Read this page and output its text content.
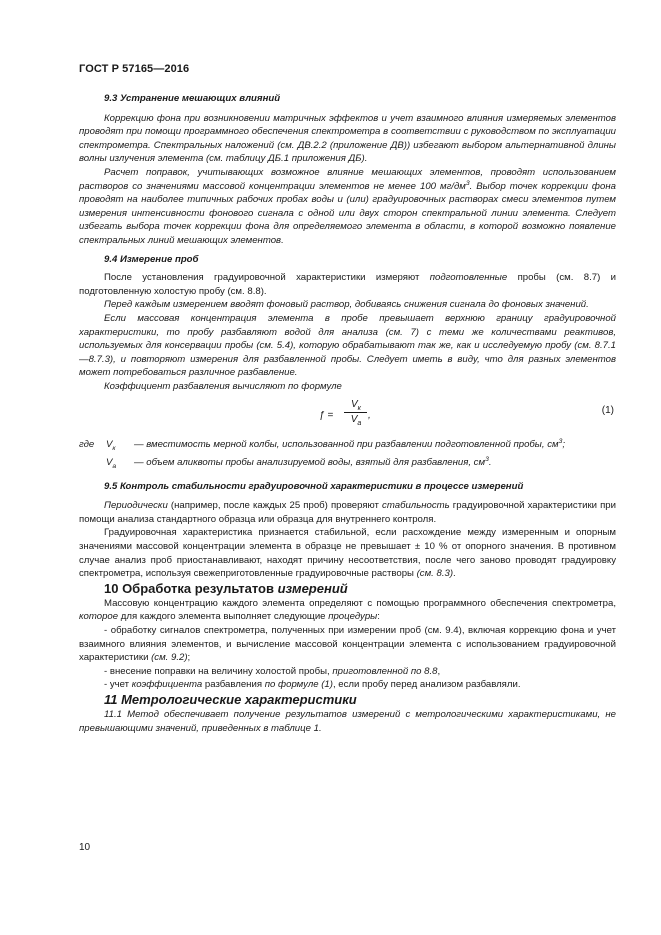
ГОСТ Р 57165—2016

9.3 Устранение мешающих влияний

Коррекцию фона при возникновении матричных эффектов и учет взаимного влияния измеряемых элементов проводят при помощи программного обеспечения спектрометра в соответствии с руководством по эксплуатации спектрометра. Спектральных наложений (см. ДВ.2.2 (приложение ДВ)) избегают выбором альтернативной длины волны излучения элемента (см. таблицу ДБ.1 приложения ДБ).

Расчет поправок, учитывающих возможное влияние мешающих элементов, проводят использованием растворов со значениями массовой концентрации элементов не менее 100 $мг/дм^3$. Выбор точек коррекции фона проводят на наиболее типичных рабочих пробах воды и (или) градуировочных растворах смеси элементов путем измерения интенсивности фонового сигнала с одной или двух сторон спектральной линии элемента. Следует избегать выбора точек коррекции фона для определяемого элемента в области, в которой возможно появление спектральных линий мешающих элементов.

9.4 Измерение проб

После установления градуировочной характеристики измеряют подготовленные пробы (см. 8.7) и подготовленную холостую пробу (см. 8.8).

Перед каждым измерением вводят фоновый раствор, добиваясь снижения сигнала до фоновых значений.

Если массовая концентрация элемента в пробе превышает верхнюю границу градуировочной характеристики, то пробу разбавляют водой для анализа (см. 7) с теми же количествами реактивов, используемых для консервации пробы (см. 5.4), которую обрабатывают так же, как и исследуемую пробу (см. 8.7.1—8.7.3), и повторяют измерения для разбавленной пробы. Следует иметь в виду, что для разных элементов может потребоваться различное разбавление.

Коэффициент разбавления вычисляют по формуле

ƒ =
$V_к$
$V_а$
,	(1)

где $V_к$ — вместимость мерной колбы, использованной при разбавлении подготовленной пробы, $см^3$;

$V_а$ — объем аликвоты пробы анализируемой воды, взятый для разбавления, $см^3$.

9.5 Контроль стабильности градуировочной характеристики в процессе измерений

Периодически (например, после каждых 25 проб) проверяют стабильность градуировочной характеристики при помощи анализа стандартного образца или образца для внутреннего контроля.

Градуировочная характеристика признается стабильной, если расхождение между измеренным и опорным значениями массовой концентрации элемента в образце не превышает ± 10 % от опорного значения. В противном случае анализ проб приостанавливают, находят причину несоответствия, после чего заново проводят градуировку спектрометра, используя свежеприготовленные градуировочные растворы (см. 8.3).

10 Обработка результатов измерений

Массовую концентрацию каждого элемента определяют с помощью программного обеспечения спектрометра, которое для каждого элемента выполняет следующие процедуры:

- обработку сигналов спектрометра, полученных при измерении проб (см. 9.4), включая коррекцию фона и учет взаимного влияния элементов, и вычисление массовой концентрации элемента с использованием градуировочной характеристики (см. 9.2);

- внесение поправки на величину холостой пробы, приготовленной по 8.8,

- учет коэффициента разбавления по формуле (1), если пробу перед анализом разбавляли.

11 Метрологические характеристики

11.1 Метод обеспечивает получение результатов измерений с метрологическими характеристиками, не превышающими значений, приведенных в таблице 1.

10
